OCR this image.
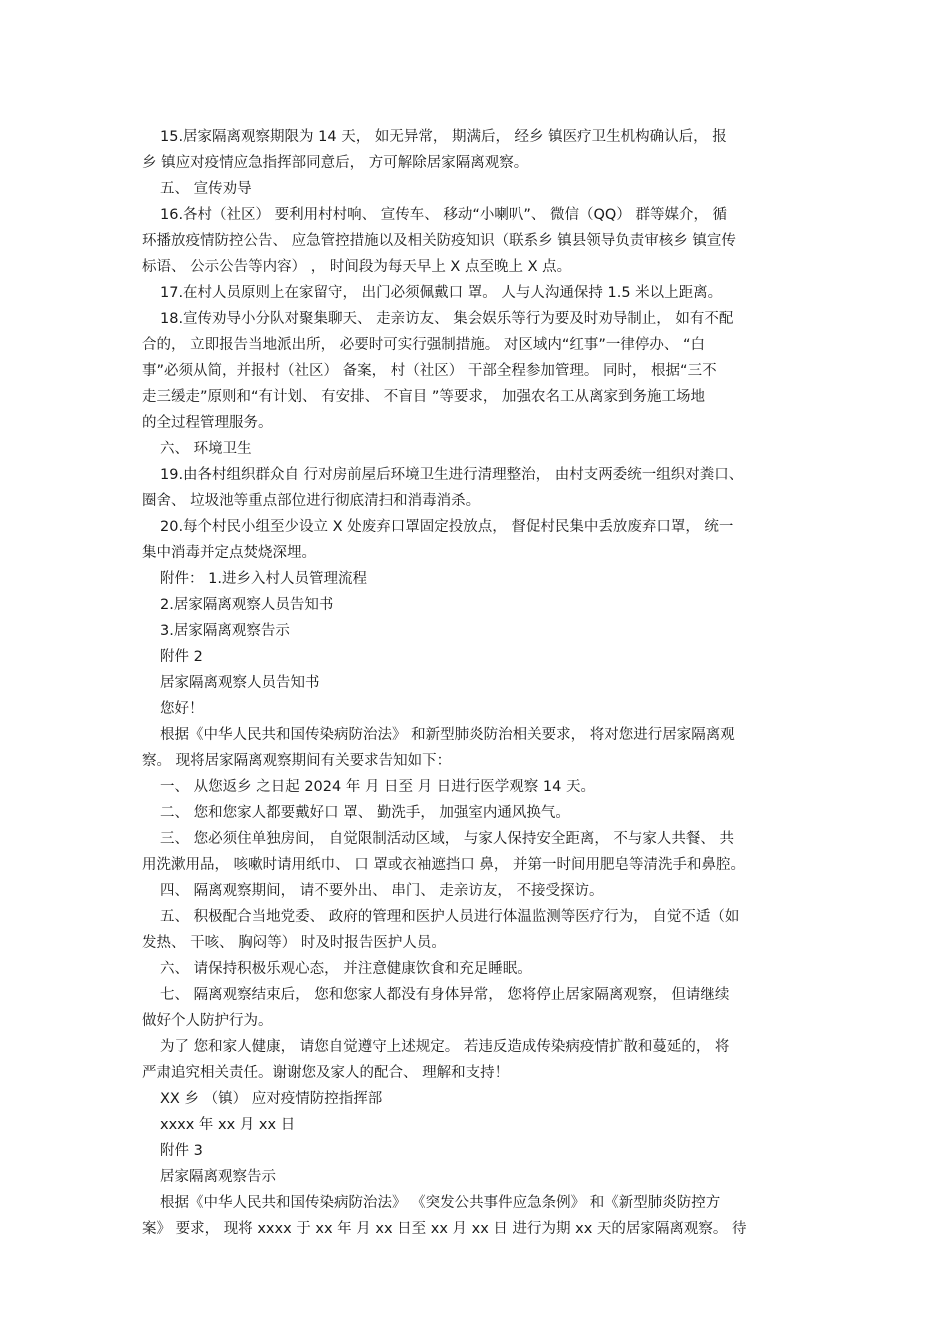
15.居家隔离观察期限为 14 天， 如无异常， 期满后， 经乡 镇医疗卫生机构确认后， 报
乡 镇应对疫情应急指挥部同意后， 方可解除居家隔离观察。
五、 宣传劝导
16.各村（社区） 要利用村村响、 宣传车、 移动“小喇叭”、 微信（QQ） 群等媒介， 循
环播放疫情防控公告、 应急管控措施以及相关防疫知识（联系乡 镇县领导负责审核乡 镇宣传
标语、 公示公告等内容） ， 时间段为每天早上 X 点至晚上 X 点。
17.在村人员原则上在家留守， 出门必须佩戴口 罩。 人与人沟通保持 1.5 米以上距离。
18.宣传劝导小分队对聚集聊天、 走亲访友、 集会娱乐等行为要及时劝导制止， 如有不配
合的， 立即报告当地派出所， 必要时可实行强制措施。 对区域内“红事”一律停办、 “白
事”必须从简，并报村（社区） 备案， 村（社区） 干部全程参加管理。 同时， 根据“三不
走三缓走”原则和“有计划、 有安排、 不盲目 ”等要求， 加强农名工从离家到务施工场地
的全过程管理服务。
六、 环境卫生
19.由各村组织群众自 行对房前屋后环境卫生进行清理整治， 由村支两委统一组织对粪口、
圈舍、 垃圾池等重点部位进行彻底清扫和消毒消杀。
20.每个村民小组至少设立 X 处废弃口罩固定投放点， 督促村民集中丢放废弃口罩， 统一
集中消毒并定点焚烧深埋。
附件： 1.进乡入村人员管理流程
2.居家隔离观察人员告知书
3.居家隔离观察告示
附件 2
居家隔离观察人员告知书
您好！
根据《中华人民共和国传染病防治法》 和新型肺炎防治相关要求， 将对您进行居家隔离观
察。 现将居家隔离观察期间有关要求告知如下：
一、 从您返乡 之日起 2024 年 月 日至 月 日进行医学观察 14 天。
二、 您和您家人都要戴好口 罩、 勤洗手， 加强室内通风换气。
三、 您必须住单独房间， 自觉限制活动区域， 与家人保持安全距离， 不与家人共餐、 共
用洗漱用品， 咳嗽时请用纸巾、 口 罩或衣袖遮挡口 鼻， 并第一时间用肥皂等清洗手和鼻腔。
四、 隔离观察期间， 请不要外出、 串门、 走亲访友， 不接受探访。
五、 积极配合当地党委、 政府的管理和医护人员进行体温监测等医疗行为， 自觉不适（如
发热、 干咳、 胸闷等） 时及时报告医护人员。
六、 请保持积极乐观心态， 并注意健康饮食和充足睡眠。
七、 隔离观察结束后， 您和您家人都没有身体异常， 您将停止居家隔离观察， 但请继续
做好个人防护行为。
为了 您和家人健康， 请您自觉遵守上述规定。 若违反造成传染病疫情扩散和蔓延的， 将
严肃追究相关责任。谢谢您及家人的配合、 理解和支持！
XX 乡 （镇） 应对疫情防控指挥部
xxxx 年 xx 月 xx 日
附件 3
居家隔离观察告示
根据《中华人民共和国传染病防治法》 《突发公共事件应急条例》 和《新型肺炎防控方
案》 要求， 现将 xxxx 于 xx 年 月 xx 日至 xx 月 xx 日 进行为期 xx 天的居家隔离观察。 待
